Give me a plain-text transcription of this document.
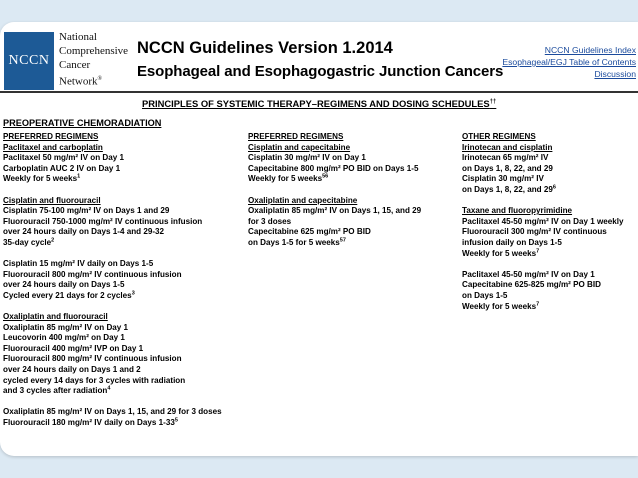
NCCN
National
Comprehensive
Cancer
Network®
NCCN Guidelines Version 1.2014
Esophageal and Esophagogastric Junction Cancers
NCCN Guidelines Index
Esophageal/EGJ Table of Contents
Discussion
PRINCIPLES OF SYSTEMIC THERAPY–REGIMENS AND DOSING SCHEDULES††
PREOPERATIVE CHEMORADIATION
PREFERRED REGIMENS
Paclitaxel and carboplatin
Paclitaxel 50 mg/m² IV on Day 1
Carboplatin AUC 2 IV on Day 1
Weekly for 5 weeks$^1$
Cisplatin and fluorouracil
Cisplatin 75-100 mg/m² IV on Days 1 and 29
Fluorouracil 750-1000 mg/m² IV continuous infusion
over 24 hours daily on Days 1-4 and 29-32
35-day cycle$^2$
Cisplatin 15 mg/m² IV daily on Days 1-5
Fluorouracil 800 mg/m² IV continuous infusion
over 24 hours daily on Days 1-5
Cycled every 21 days for 2 cycles$^3$
Oxaliplatin and fluorouracil
Oxaliplatin 85 mg/m² IV on Day 1
Leucovorin 400 mg/m² on Day 1
Fluorouracil 400 mg/m² IVP on Day 1
Fluorouracil 800 mg/m² IV continuous infusion
over 24 hours daily on Days 1 and 2
cycled every 14 days for 3 cycles with radiation
and 3 cycles after radiation$^4$
Oxaliplatin 85 mg/m² IV on Days 1, 15, and 29 for 3 doses
Fluorouracil 180 mg/m² IV daily on Days $1-33^5$
PREFERRED REGIMENS
Cisplatin and capecitabine
Cisplatin 30 mg/m² IV on Day 1
Capecitabine 800 mg/m² PO BID on Days 1-5
Weekly for 5 weeks$^{56}$
Oxaliplatin and capecitabine
Oxaliplatin 85 mg/m² IV on Days 1, 15, and 29
for 3 doses
Capecitabine 625 mg/m² PO BID
on Days 1-5 for 5 weeks$^{57}$
OTHER REGIMENS
Irinotecan and cisplatin
Irinotecan 65 mg/m² IV
on Days 1, 8, 22, and 29
Cisplatin 30 mg/m² IV
on Days 1, 8, 22, and $29^6$
Taxane and fluoropyrimidine
Paclitaxel 45-50 mg/m² IV on Day 1 weekly
Fluorouracil 300 mg/m² IV continuous
infusion daily on Days 1-5
Weekly for 5 weeks$^7$
Paclitaxel 45-50 mg/m² IV on Day 1
Capecitabine 625-825 mg/m² PO BID
on Days 1-5
Weekly for 5 weeks$^7$
